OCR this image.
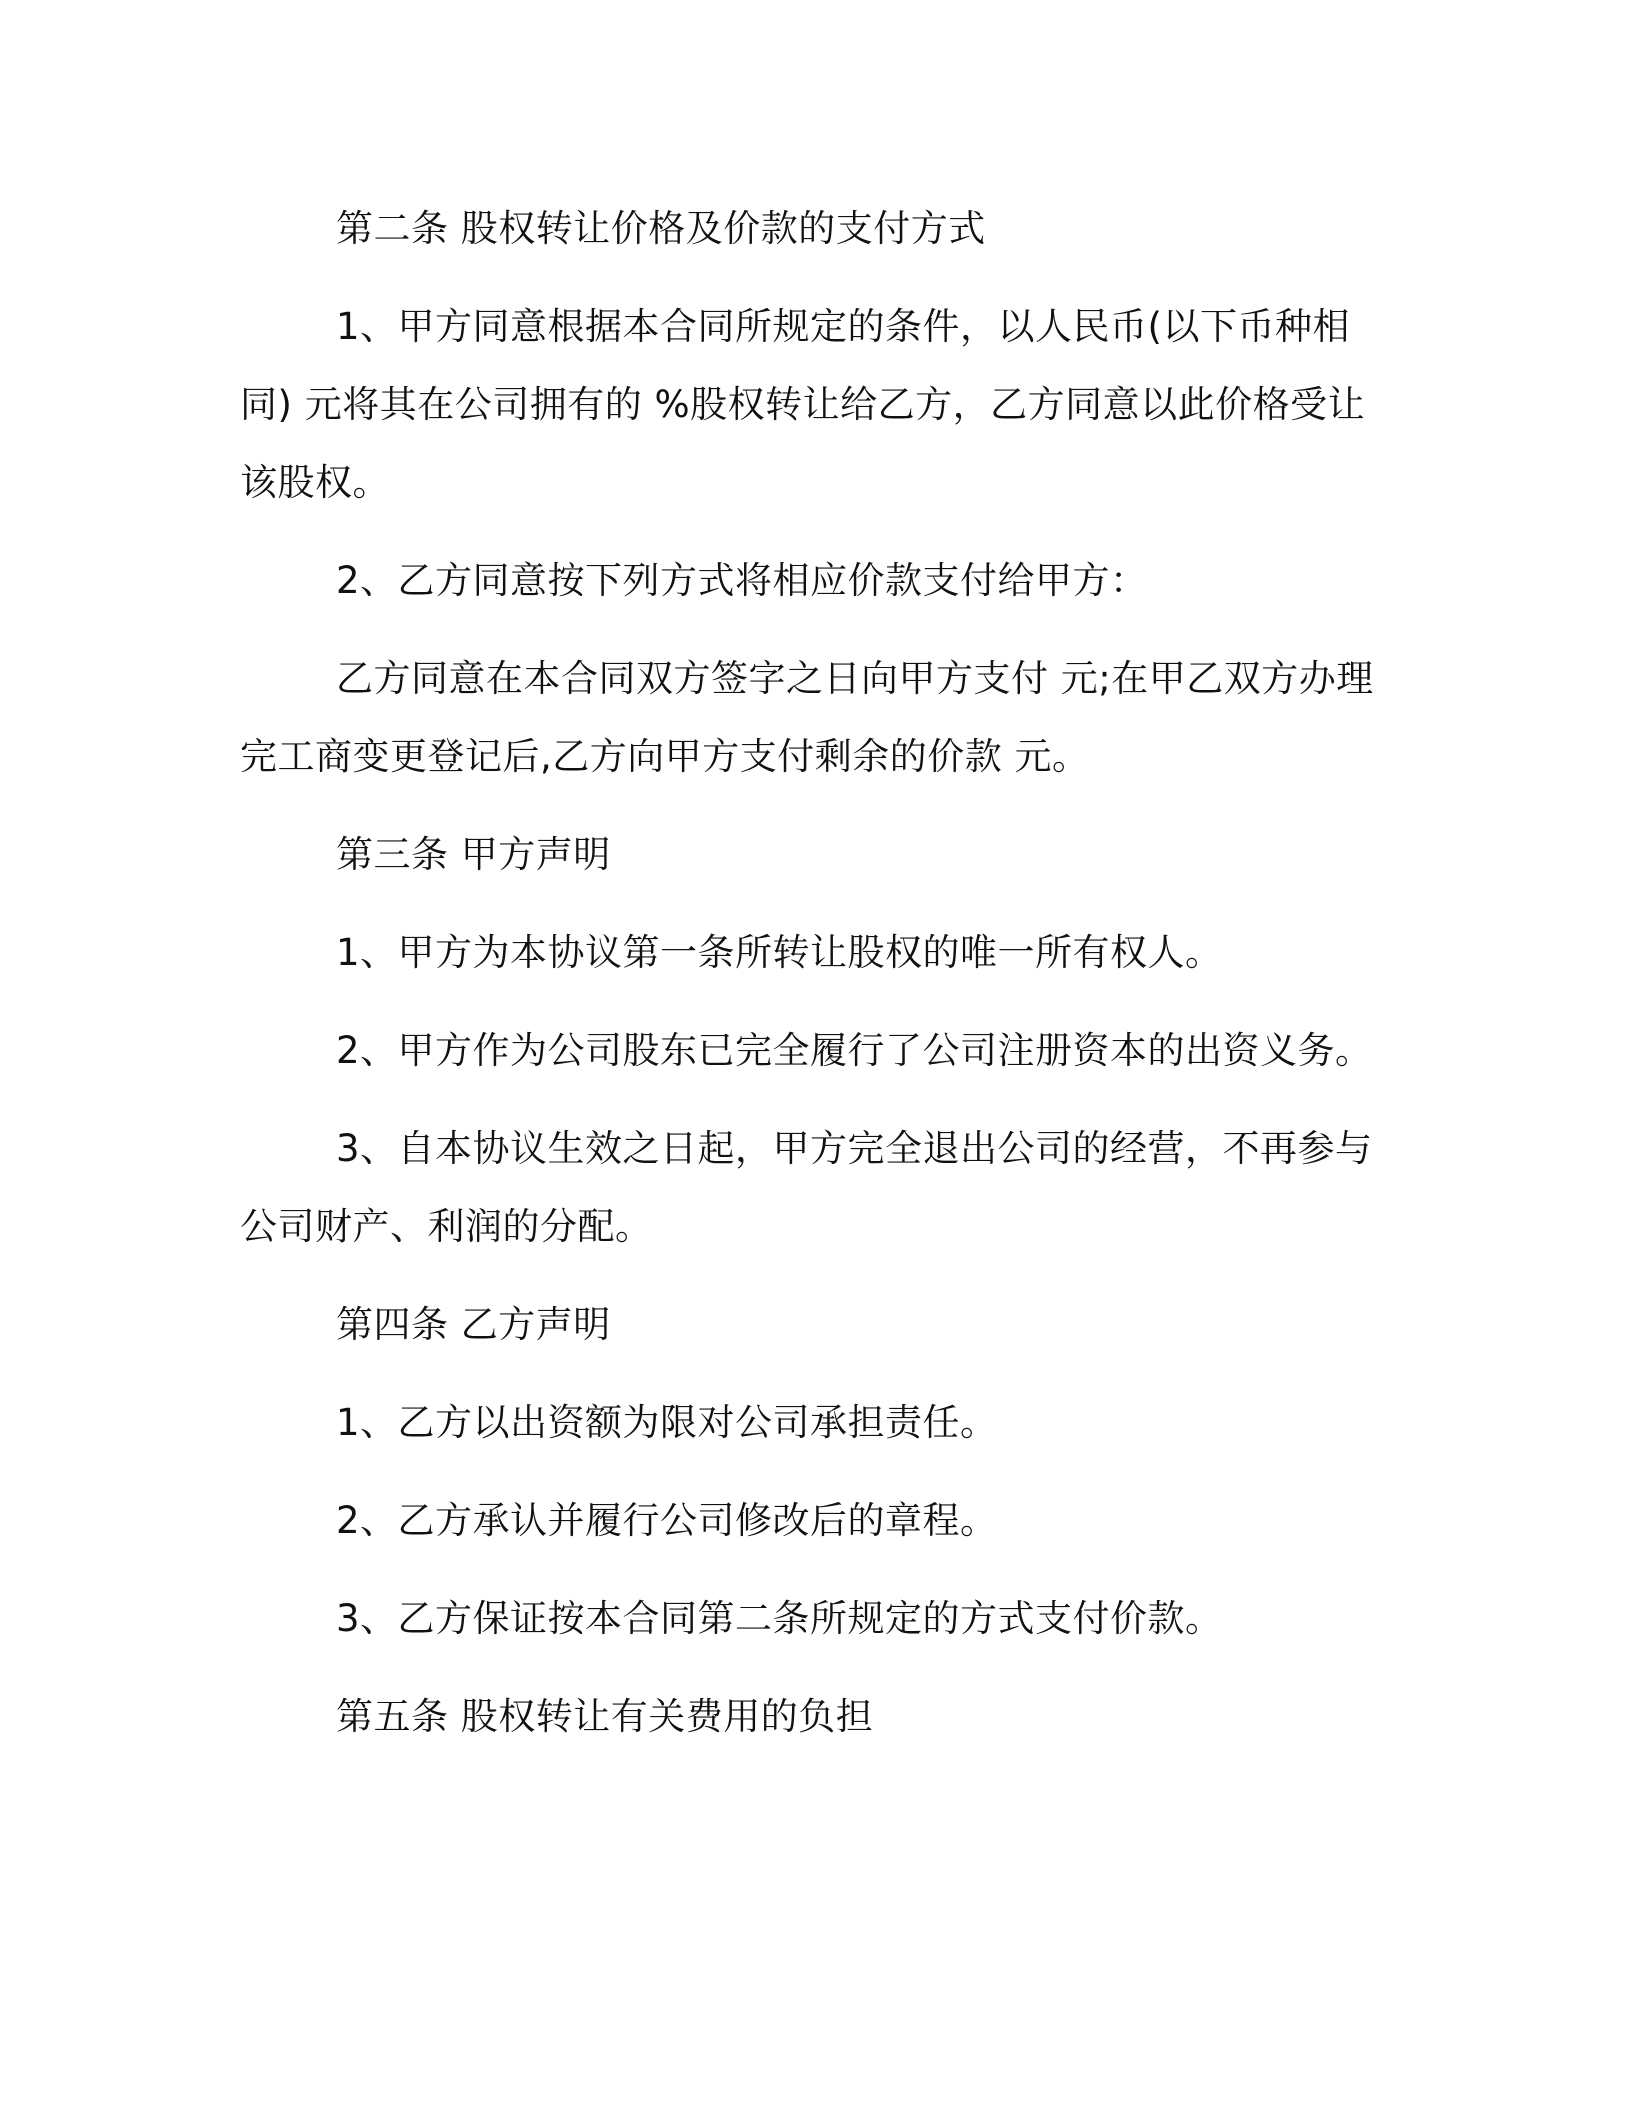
第二条 股权转让价格及价款的支付方式

1、甲方同意根据本合同所规定的条件，以人民币(以下币种相同) 元将其在公司拥有的 %股权转让给乙方，乙方同意以此价格受让该股权。

2、乙方同意按下列方式将相应价款支付给甲方：

乙方同意在本合同双方签字之日向甲方支付 元;在甲乙双方办理完工商变更登记后,乙方向甲方支付剩余的价款 元。

第三条 甲方声明

1、甲方为本协议第一条所转让股权的唯一所有权人。

2、甲方作为公司股东已完全履行了公司注册资本的出资义务。

3、自本协议生效之日起，甲方完全退出公司的经营，不再参与公司财产、利润的分配。

第四条 乙方声明

1、乙方以出资额为限对公司承担责任。

2、乙方承认并履行公司修改后的章程。

3、乙方保证按本合同第二条所规定的方式支付价款。

第五条 股权转让有关费用的负担
